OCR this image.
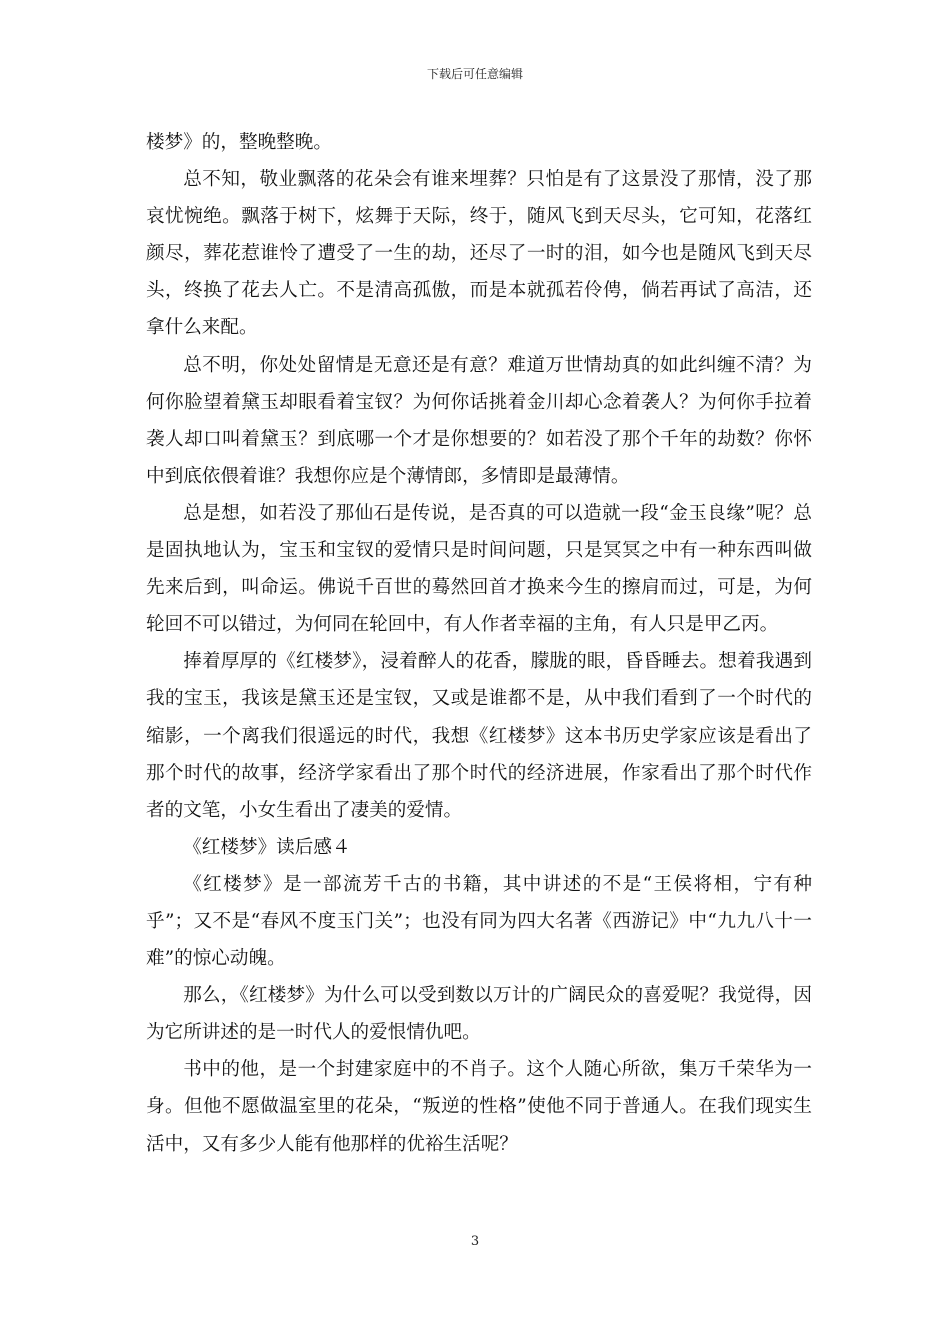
下载后可任意编辑

楼梦》的，整晚整晚。

总不知，敬业飘落的花朵会有谁来埋葬？只怕是有了这景没了那情，没了那哀忧惋绝。飘落于树下，炫舞于天际，终于，随风飞到天尽头，它可知，花落红颜尽，葬花惹谁怜了遭受了一生的劫，还尽了一时的泪，如今也是随风飞到天尽头，终换了花去人亡。不是清高孤傲，而是本就孤若伶俜，倘若再试了高洁，还拿什么来配。

总不明，你处处留情是无意还是有意？难道万世情劫真的如此纠缠不清？为何你脸望着黛玉却眼看着宝钗？为何你话挑着金川却心念着袭人？为何你手拉着袭人却口叫着黛玉？到底哪一个才是你想要的？如若没了那个千年的劫数？你怀中到底依偎着谁？我想你应是个薄情郎，多情即是最薄情。

总是想，如若没了那仙石是传说，是否真的可以造就一段“金玉良缘”呢？总是固执地认为，宝玉和宝钗的爱情只是时间问题，只是冥冥之中有一种东西叫做先来后到，叫命运。佛说千百世的蓦然回首才换来今生的擦肩而过，可是，为何轮回不可以错过，为何同在轮回中，有人作者幸福的主角，有人只是甲乙丙。

捧着厚厚的《红楼梦》，浸着醉人的花香，朦胧的眼，昏昏睡去。想着我遇到我的宝玉，我该是黛玉还是宝钗，又或是谁都不是，从中我们看到了一个时代的缩影，一个离我们很遥远的时代，我想《红楼梦》这本书历史学家应该是看出了那个时代的故事，经济学家看出了那个时代的经济进展，作家看出了那个时代作者的文笔，小女生看出了凄美的爱情。

《红楼梦》读后感４

《红楼梦》是一部流芳千古的书籍，其中讲述的不是“王侯将相，宁有种乎”；又不是“春风不度玉门关”；也没有同为四大名著《西游记》中“九九八十一难”的惊心动魄。

那么，《红楼梦》为什么可以受到数以万计的广阔民众的喜爱呢？我觉得，因为它所讲述的是一时代人的爱恨情仇吧。

书中的他，是一个封建家庭中的不肖子。这个人随心所欲，集万千荣华为一身。但他不愿做温室里的花朵，“叛逆的性格”使他不同于普通人。在我们现实生活中，又有多少人能有他那样的优裕生活呢？

3
